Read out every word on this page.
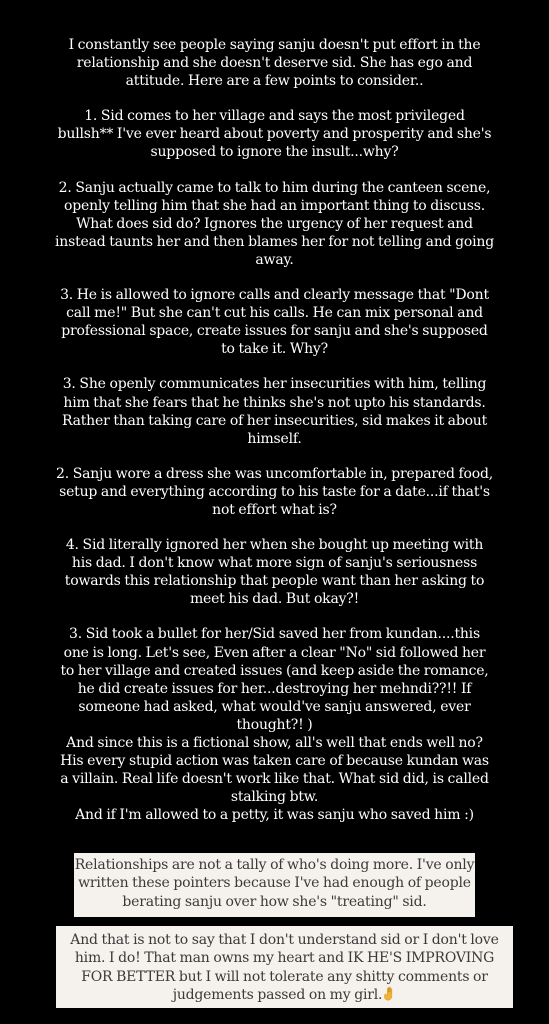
I constantly see people saying sanju doesn't put effort in the
relationship and she doesn't deserve sid. She has ego and
attitude. Here are a few points to consider..

1. Sid comes to her village and says the most privileged
bullsh** I've ever heard about poverty and prosperity and she's
supposed to ignore the insult...why?

2. Sanju actually came to talk to him during the canteen scene,
openly telling him that she had an important thing to discuss.
What does sid do? Ignores the urgency of her request and
instead taunts her and then blames her for not telling and going
away.

3. He is allowed to ignore calls and clearly message that "Dont
call me!" But she can't cut his calls. He can mix personal and
professional space, create issues for sanju and she's supposed
to take it. Why?

3. She openly communicates her insecurities with him, telling
him that she fears that he thinks she's not upto his standards.
Rather than taking care of her insecurities, sid makes it about
himself.

2. Sanju wore a dress she was uncomfortable in, prepared food,
setup and everything according to his taste for a date...if that's
not effort what is?

4. Sid literally ignored her when she bought up meeting with
his dad. I don't know what more sign of sanju's seriousness
towards this relationship that people want than her asking to
meet his dad. But okay?!

3. Sid took a bullet for her/Sid saved her from kundan....this
one is long. Let's see, Even after a clear "No" sid followed her
to her village and created issues (and keep aside the romance,
he did create issues for her...destroying her mehndi??!! If
someone had asked, what would've sanju answered, ever
thought?! )
And since this is a fictional show, all's well that ends well no?
His every stupid action was taken care of because kundan was
a villain. Real life doesn't work like that. What sid did, is called
stalking btw.
And if I'm allowed to a petty, it was sanju who saved him :)

Relationships are not a tally of who's doing more. I've only
written these pointers because I've had enough of people
berating sanju over how she's "treating" sid.
And that is not to say that I don't understand sid or I don't love
him. I do! That man owns my heart and IK HE'S IMPROVING
FOR BETTER but I will not tolerate any shitty comments or
judgements passed on my girl.
